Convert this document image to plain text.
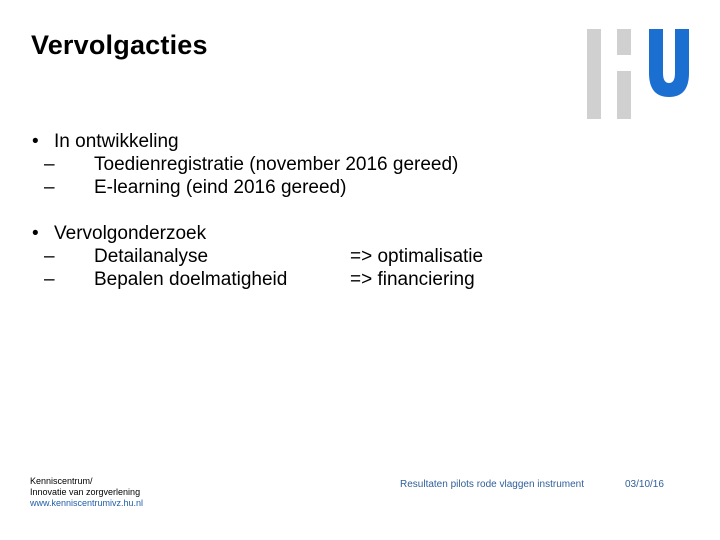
Vervolgacties
• In ontwikkeling
– Toedienregistratie (november 2016 gereed)
– E-learning (eind 2016 gereed)
• Vervolgonderzoek
– Detailanalyse	=> optimalisatie
– Bepalen doelmatigheid	=> financiering
Kenniscentrum/
Innovatie van zorgverlening
www.kenniscentrumivz.hu.nl
Resultaten pilots rode vlaggen instrument	03/10/16
